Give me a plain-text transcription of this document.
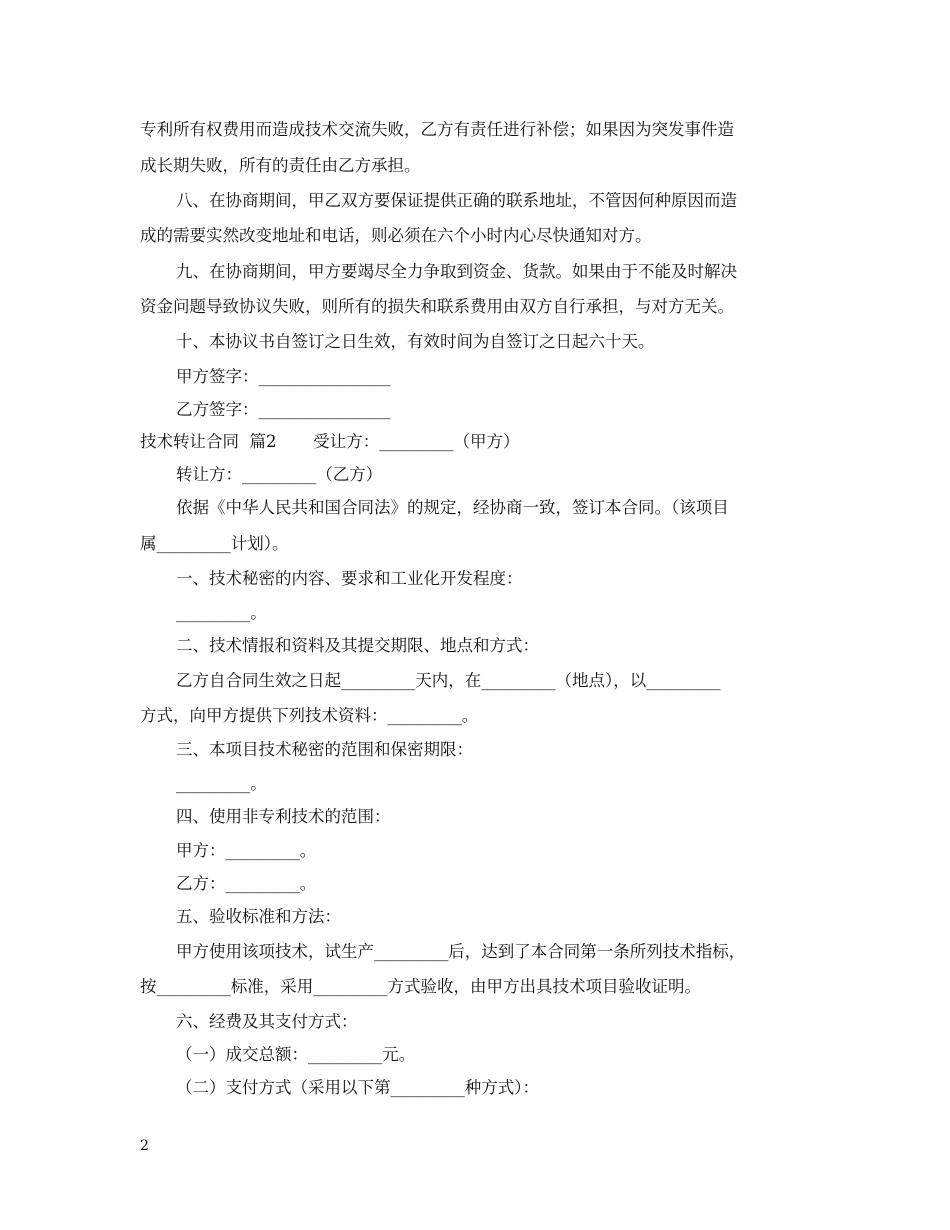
专利所有权费用而造成技术交流失败，乙方有责任进行补偿；如果因为突发事件造
成长期失败，所有的责任由乙方承担。
八、在协商期间，甲乙双方要保证提供正确的联系地址，不管因何种原因而造
成的需要实然改变地址和电话，则必须在六个小时内心尽快通知对方。
九、在协商期间，甲方要竭尽全力争取到资金、货款。如果由于不能及时解决
资金问题导致协议失败，则所有的损失和联系费用由双方自行承担，与对方无关。
十、本协议书自签订之日生效，有效时间为自签订之日起六十天。
甲方签字：________________
乙方签字：________________
技术转让合同  篇2       受让方：_________（甲方）
转让方：_________（乙方）
依据《中华人民共和国合同法》的规定，经协商一致，签订本合同。（该项目
属_________计划）。
一、技术秘密的内容、要求和工业化开发程度：
_________。
二、技术情报和资料及其提交期限、地点和方式：
乙方自合同生效之日起_________天内，在_________（地点），以_________
方式，向甲方提供下列技术资料：_________。
三、本项目技术秘密的范围和保密期限：
_________。
四、使用非专利技术的范围：
甲方：_________。
乙方：_________。
五、验收标准和方法：
甲方使用该项技术，试生产_________后，达到了本合同第一条所列技术指标，
按_________标准，采用_________方式验收，由甲方出具技术项目验收证明。
六、经费及其支付方式：
（一）成交总额：_________元。
（二）支付方式（采用以下第_________种方式）：
2
